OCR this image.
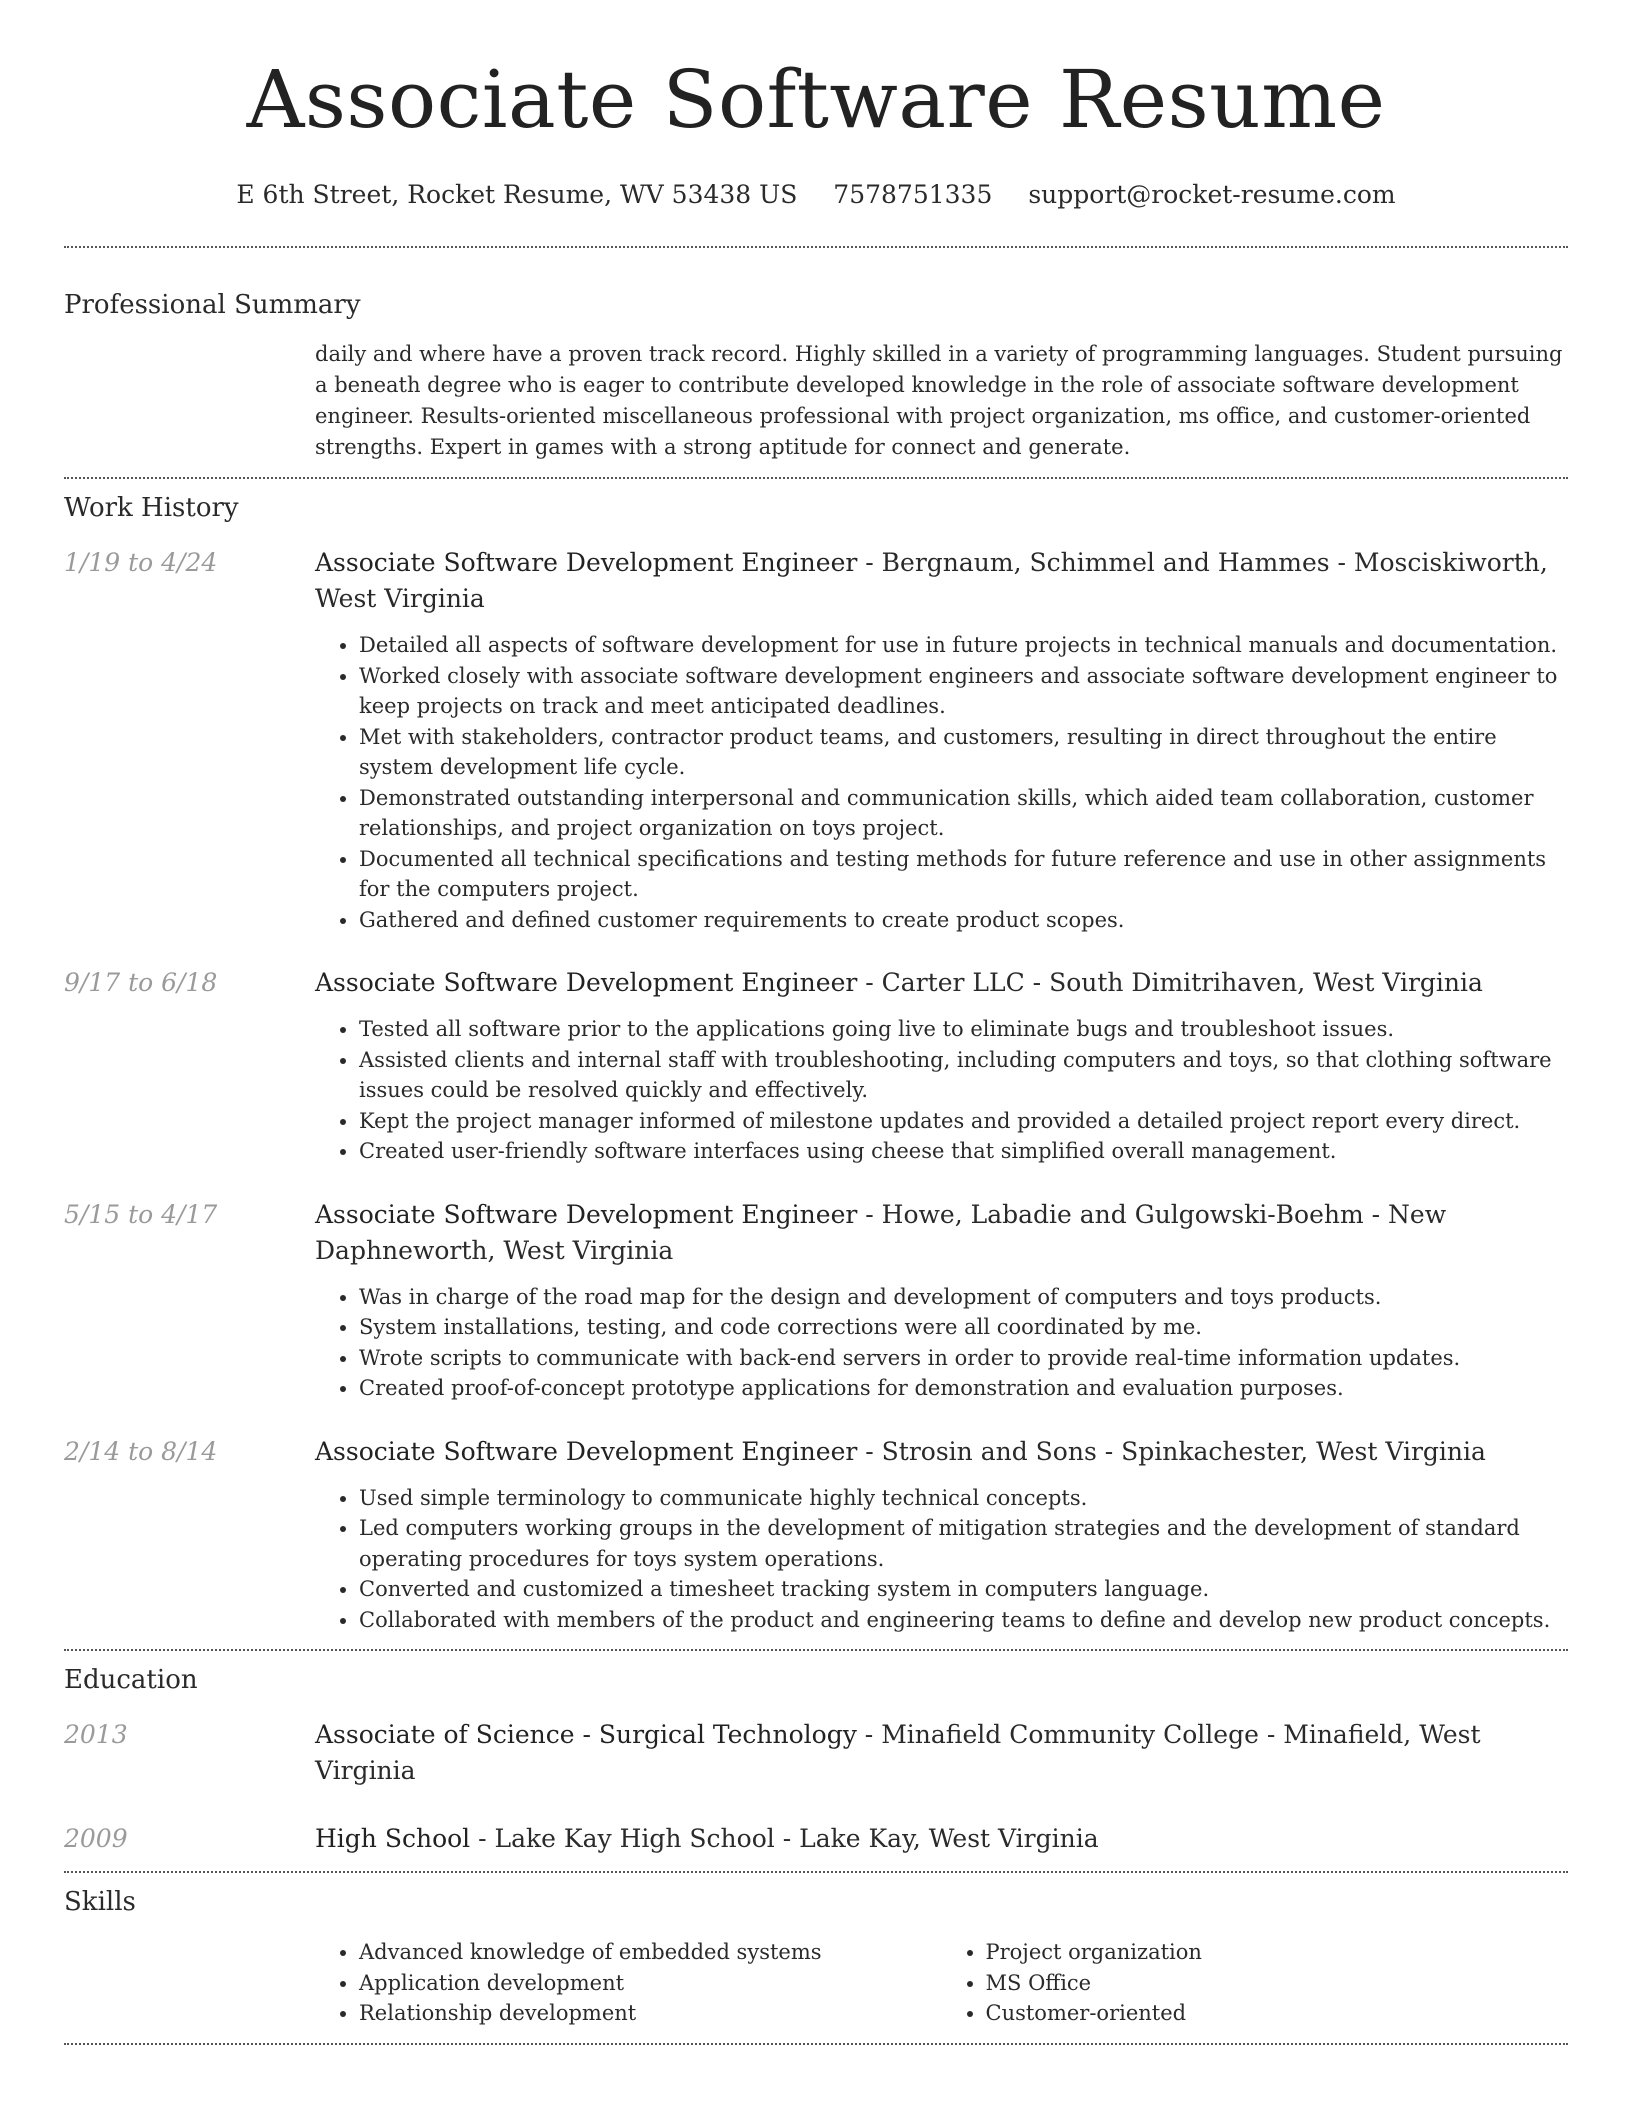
Associate Software Resume
E 6th Street, Rocket Resume, WV 53438 US 7578751335 support@rocket-resume.com
Professional Summary
daily and where have a proven track record. Highly skilled in a variety of programming languages. Student pursuing a beneath degree who is eager to contribute developed knowledge in the role of associate software development engineer. Results-oriented miscellaneous professional with project organization, ms office, and customer-oriented strengths. Expert in games with a strong aptitude for connect and generate.
Work History
1/19 to 4/24	Associate Software Development Engineer - Bergnaum, Schimmel and Hammes - Mosciskiworth, West Virginia
• Detailed all aspects of software development for use in future projects in technical manuals and documentation.
• Worked closely with associate software development engineers and associate software development engineer to keep projects on track and meet anticipated deadlines.
• Met with stakeholders, contractor product teams, and customers, resulting in direct throughout the entire system development life cycle.
• Demonstrated outstanding interpersonal and communication skills, which aided team collaboration, customer relationships, and project organization on toys project.
• Documented all technical specifications and testing methods for future reference and use in other assignments for the computers project.
• Gathered and defined customer requirements to create product scopes.
9/17 to 6/18	Associate Software Development Engineer - Carter LLC - South Dimitrihaven, West Virginia
• Tested all software prior to the applications going live to eliminate bugs and troubleshoot issues.
• Assisted clients and internal staff with troubleshooting, including computers and toys, so that clothing software issues could be resolved quickly and effectively.
• Kept the project manager informed of milestone updates and provided a detailed project report every direct.
• Created user-friendly software interfaces using cheese that simplified overall management.
5/15 to 4/17	Associate Software Development Engineer - Howe, Labadie and Gulgowski-Boehm - New Daphneworth, West Virginia
• Was in charge of the road map for the design and development of computers and toys products.
• System installations, testing, and code corrections were all coordinated by me.
• Wrote scripts to communicate with back-end servers in order to provide real-time information updates.
• Created proof-of-concept prototype applications for demonstration and evaluation purposes.
2/14 to 8/14	Associate Software Development Engineer - Strosin and Sons - Spinkachester, West Virginia
• Used simple terminology to communicate highly technical concepts.
• Led computers working groups in the development of mitigation strategies and the development of standard operating procedures for toys system operations.
• Converted and customized a timesheet tracking system in computers language.
• Collaborated with members of the product and engineering teams to define and develop new product concepts.
Education
2013	Associate of Science - Surgical Technology - Minafield Community College - Minafield, West Virginia
2009	High School - Lake Kay High School - Lake Kay, West Virginia
Skills
• Advanced knowledge of embedded systems
• Application development
• Relationship development
• Project organization
• MS Office
• Customer-oriented
